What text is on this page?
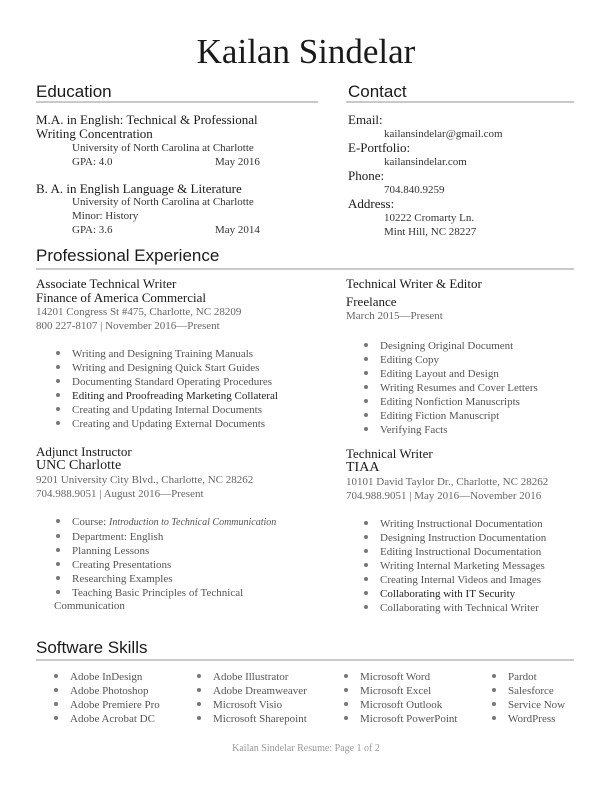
Kailan Sindelar
Education
M.A. in English: Technical & Professional
Writing Concentration
University of North Carolina at Charlotte
GPA: 4.0	May 2016
B. A. in English Language & Literature
University of North Carolina at Charlotte
Minor: History
GPA: 3.6	May 2014
Contact
Email:
kailansindelar@gmail.com
E-Portfolio:
kailansindelar.com
Phone:
704.840.9259
Address:
10222 Cromarty Ln.
Mint Hill, NC 28227
Professional Experience
Associate Technical Writer
Finance of America Commercial
14201 Congress St #475, Charlotte, NC 28209
800 227-8107 | November 2016—Present
Writing and Designing Training Manuals
Writing and Designing Quick Start Guides
Documenting Standard Operating Procedures
Editing and Proofreading Marketing Collateral
Creating and Updating Internal Documents
Creating and Updating External Documents
Technical Writer & Editor
Freelance
March 2015—Present
Designing Original Document
Editing Copy
Editing Layout and Design
Writing Resumes and Cover Letters
Editing Nonfiction Manuscripts
Editing Fiction Manuscript
Verifying Facts
Adjunct Instructor
UNC Charlotte
9201 University City Blvd., Charlotte, NC 28262
704.988.9051 | August 2016—Present
Course: Introduction to Technical Communication
Department: English
Planning Lessons
Creating Presentations
Researching Examples
Teaching Basic Principles of Technical
Communication
Technical Writer
TIAA
10101 David Taylor Dr., Charlotte, NC 28262
704.988.9051 | May 2016—November 2016
Writing Instructional Documentation
Designing Instruction Documentation
Editing Instructional Documentation
Writing Internal Marketing Messages
Creating Internal Videos and Images
Collaborating with IT Security
Collaborating with Technical Writer
Software Skills
Adobe InDesign
Adobe Photoshop
Adobe Premiere Pro
Adobe Acrobat DC
Adobe Illustrator
Adobe Dreamweaver
Microsoft Visio
Microsoft Sharepoint
Microsoft Word
Microsoft Excel
Microsoft Outlook
Microsoft PowerPoint
Pardot
Salesforce
Service Now
WordPress
Kailan Sindelar Resume: Page 1 of 2
